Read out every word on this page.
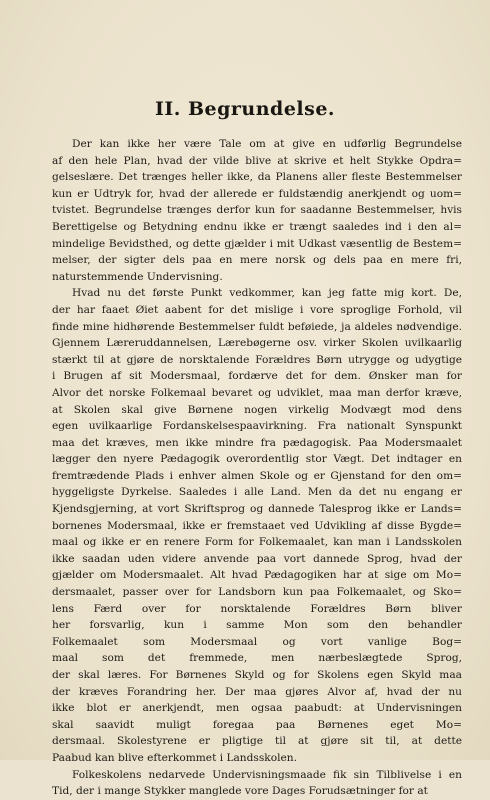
II. Begrundelse.
Der kan ikke her være Tale om at give en udførlig Begrundelse
af den hele Plan, hvad der vilde blive at skrive et helt Stykke Opdra=
gelseslære. Det trænges heller ikke, da Planens aller fleste Bestemmelser
kun er Udtryk for, hvad der allerede er fuldstændig anerkjendt og uom=
tvistet. Begrundelse trænges derfor kun for saadanne Bestemmelser, hvis
Berettigelse og Betydning endnu ikke er trængt saaledes ind i den al=
mindelige Bevidsthed, og dette gjælder i mit Udkast væsentlig de Bestem=
melser, der sigter dels paa en mere norsk og dels paa en mere fri,
naturstemmende Undervisning.
Hvad nu det første Punkt vedkommer, kan jeg fatte mig kort. De,
der har faaet Øiet aabent for det mislige i vore sproglige Forhold, vil
finde mine hidhørende Bestemmelser fuldt beføiede, ja aldeles nødvendige.
Gjennem Læreruddannelsen, Lærebøgerne osv. virker Skolen uvilkaarlig
stærkt til at gjøre de norsktalende Forældres Børn utrygge og udygtige
i Brugen af sit Modersmaal, fordærve det for dem. Ønsker man for
Alvor det norske Folkemaal bevaret og udviklet, maa man derfor kræve,
at Skolen skal give Børnene nogen virkelig Modvægt mod dens
egen uvilkaarlige Fordanskelsespaavirkning. Fra nationalt Synspunkt
maa det kræves, men ikke mindre fra pædagogisk. Paa Modersmaalet
lægger den nyere Pædagogik overordentlig stor Vægt. Det indtager en
fremtrædende Plads i enhver almen Skole og er Gjenstand for den om=
hyggeligste Dyrkelse. Saaledes i alle Land. Men da det nu engang er
Kjendsgjerning, at vort Skriftsprog og dannede Talesprog ikke er Lands=
bornenes Modersmaal, ikke er fremstaaet ved Udvikling af disse Bygde=
maal og ikke er en renere Form for Folkemaalet, kan man i Landsskolen
ikke saadan uden videre anvende paa vort dannede Sprog, hvad der
gjælder om Modersmaalet. Alt hvad Pædagogiken har at sige om Mo=
dersmaalet, passer over for Landsborn kun paa Folkemaalet, og Sko=
lens Færd over for norsktalende Forældres Børn bliver
her forsvarlig, kun i samme Mon som den behandler
Folkemaalet som Modersmaal og vort vanlige Bog=
maal som det fremmede, men nærbeslægtede Sprog,
der skal læres. For Børnenes Skyld og for Skolens egen Skyld maa
der kræves Forandring her. Der maa gjøres Alvor af, hvad der nu
ikke blot er anerkjendt, men ogsaa paabudt: at Undervisningen
skal saavidt muligt foregaa paa Børnenes eget Mo=
dersmaal. Skolestyrene er pligtige til at gjøre sit til, at dette
Paabud kan blive efterkommet i Landsskolen.
Folkeskolens nedarvede Undervisningsmaade fik sin Tilblivelse i en
Tid, der i mange Stykker manglede vore Dages Forudsætninger for at
